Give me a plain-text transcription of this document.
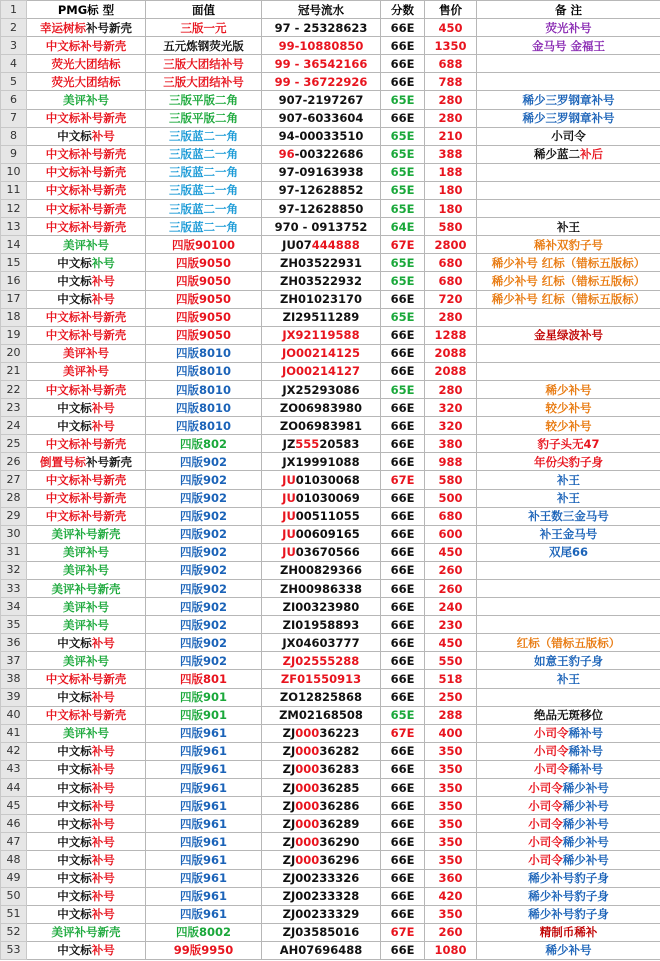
1	PMG标 型	面值	冠号流水	分数	售价	备 注
2	幸运树标补号新壳	三版一元	97 - 25328623	66E	450	荧光补号
3	中文标补号新壳	五元炼钢荧光版	99-10880850	66E	1350	金马号 金福王
4	荧光大团结标	三版大团结补号	99 - 36542166	66E	688	
5	荧光大团结标	三版大团结补号	99 - 36722926	66E	788	
6	美评补号	三版平版二角	907-2197267	65E	280	稀少三罗钢章补号
7	中文标补号新壳	三版平版二角	907-6033604	66E	280	稀少三罗钢章补号
8	中文标补号	三版蓝二一角	94-00033510	65E	210	小司令
9	中文标补号新壳	三版蓝二一角	96-00322686	65E	388	稀少蓝二补后
10	中文标补号新壳	三版蓝二一角	97-09163938	65E	188	
11	中文标补号新壳	三版蓝二一角	97-12628852	65E	180	
12	中文标补号新壳	三版蓝二一角	97-12628850	65E	180	
13	中文标补号新壳	三版蓝二一角	970 - 0913752	64E	580	补王
14	美评补号	四版90100	JU07444888	67E	2800	稀补双豹子号
15	中文标补号	四版9050	ZH03522931	65E	680	稀少补号 红标（错标五版标）
16	中文标补号	四版9050	ZH03522932	65E	680	稀少补号 红标（错标五版标）
17	中文标补号	四版9050	ZH01023170	66E	720	稀少补号 红标（错标五版标）
18	中文标补号新壳	四版9050	ZI29511289	65E	280	
19	中文标补号新壳	四版9050	JX92119588	66E	1288	金星绿波补号
20	美评补号	四版8010	JO00214125	66E	2088	
21	美评补号	四版8010	JO00214127	66E	2088	
22	中文标补号新壳	四版8010	JX25293086	65E	280	稀少补号
23	中文标补号	四版8010	ZO06983980	66E	320	较少补号
24	中文标补号	四版8010	ZO06983981	66E	320	较少补号
25	中文标补号新壳	四版802	JZ55520583	66E	380	豹子头无47
26	倒置号标补号新壳	四版902	JX19991088	66E	988	年份尖豹子身
27	中文标补号新壳	四版902	JU01030068	67E	580	补王
28	中文标补号新壳	四版902	JU01030069	66E	500	补王
29	中文标补号新壳	四版902	JU00511055	66E	680	补王数三金马号
30	美评补号新壳	四版902	JU00609165	66E	600	补王金马号
31	美评补号	四版902	JU03670566	66E	450	双尾66
32	美评补号	四版902	ZH00829366	66E	260	
33	美评补号新壳	四版902	ZH00986338	66E	260	
34	美评补号	四版902	ZI00323980	66E	240	
35	美评补号	四版902	ZI01958893	66E	230	
36	中文标补号	四版902	JX04603777	66E	450	红标（错标五版标）
37	美评补号	四版902	ZJ02555288	66E	550	如意王豹子身
38	中文标补号新壳	四版801	ZF01550913	66E	518	补王
39	中文标补号	四版901	ZO12825868	66E	250	
40	中文标补号新壳	四版901	ZM02168508	65E	288	绝品无斑移位
41	美评补号	四版961	ZJ00036223	67E	400	小司令稀补号
42	中文标补号	四版961	ZJ00036282	66E	350	小司令稀补号
43	中文标补号	四版961	ZJ00036283	66E	350	小司令稀补号
44	中文标补号	四版961	ZJ00036285	66E	350	小司令稀少补号
45	中文标补号	四版961	ZJ00036286	66E	350	小司令稀少补号
46	中文标补号	四版961	ZJ00036289	66E	350	小司令稀少补号
47	中文标补号	四版961	ZJ00036290	66E	350	小司令稀少补号
48	中文标补号	四版961	ZJ00036296	66E	350	小司令稀少补号
49	中文标补号	四版961	ZJ00233326	66E	360	稀少补号豹子身
50	中文标补号	四版961	ZJ00233328	66E	420	稀少补号豹子身
51	中文标补号	四版961	ZJ00233329	66E	350	稀少补号豹子身
52	美评补号新壳	四版8002	ZJ03585016	67E	260	精制币稀补
53	中文标补号	99版9950	AH07696488	66E	1080	稀少补号
